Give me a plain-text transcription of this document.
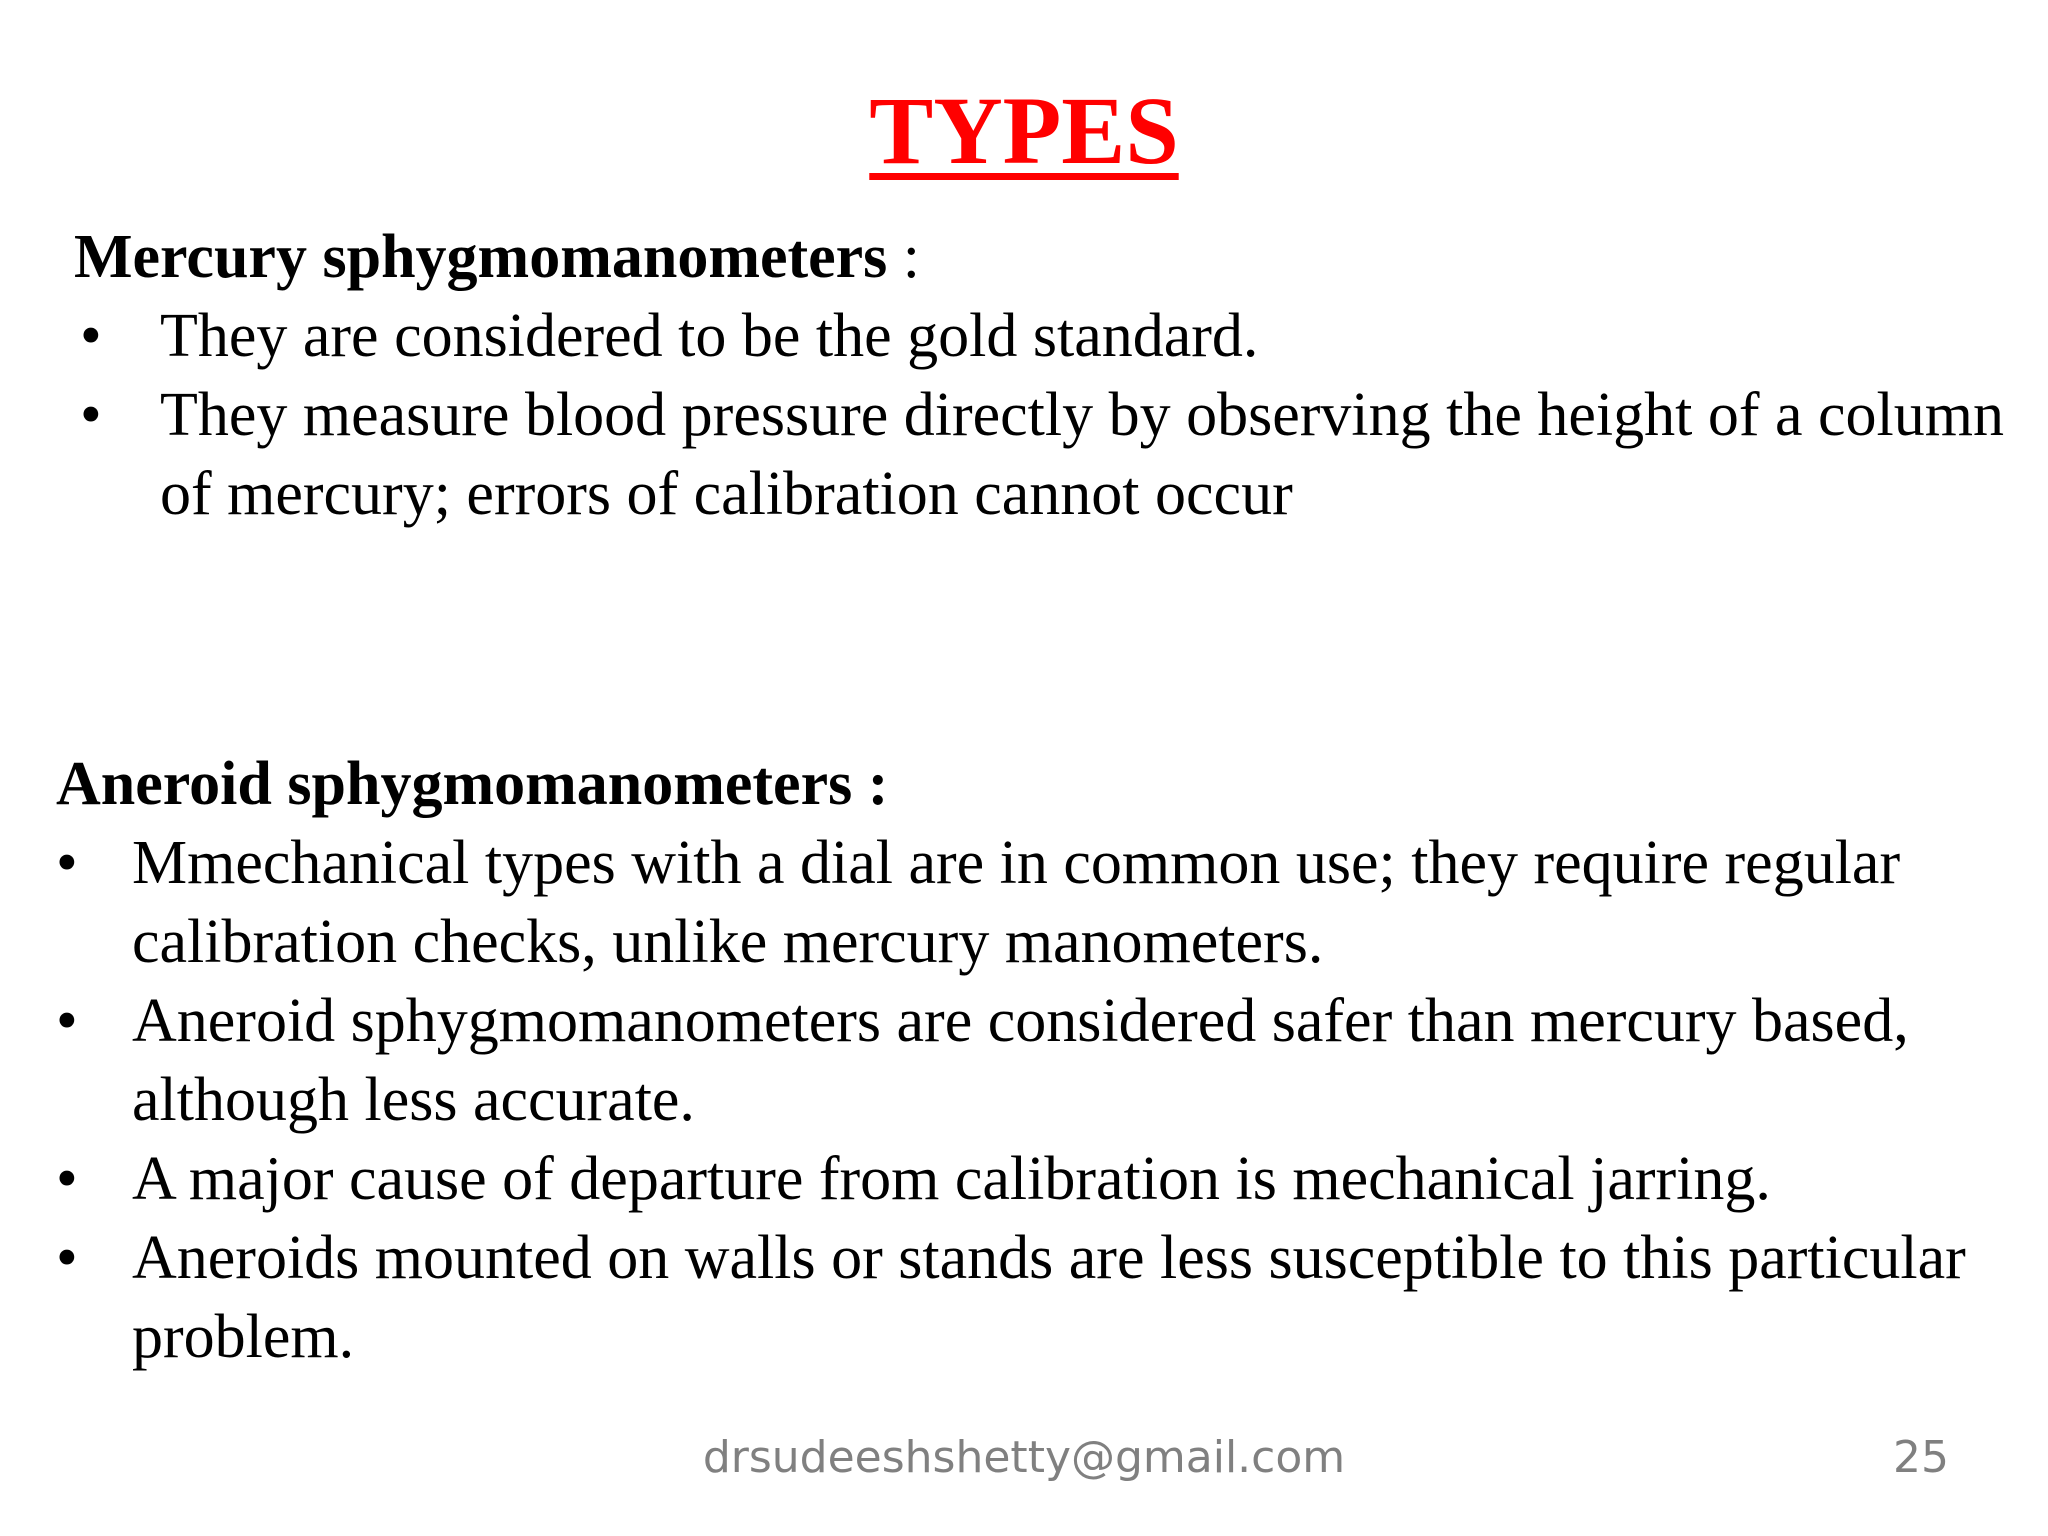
TYPES
Mercury sphygmomanometers :
• They are considered to be the gold standard.
• They measure blood pressure directly by observing the height of a column of mercury; errors of calibration cannot occur
Aneroid sphygmomanometers :
• Mmechanical types with a dial are in common use; they require regular calibration checks, unlike mercury manometers.
• Aneroid sphygmomanometers are considered safer than mercury based, although less accurate.
• A major cause of departure from calibration is mechanical jarring.
• Aneroids mounted on walls or stands are less susceptible to this particular problem.
drsudeeshshetty@gmail.com	25
